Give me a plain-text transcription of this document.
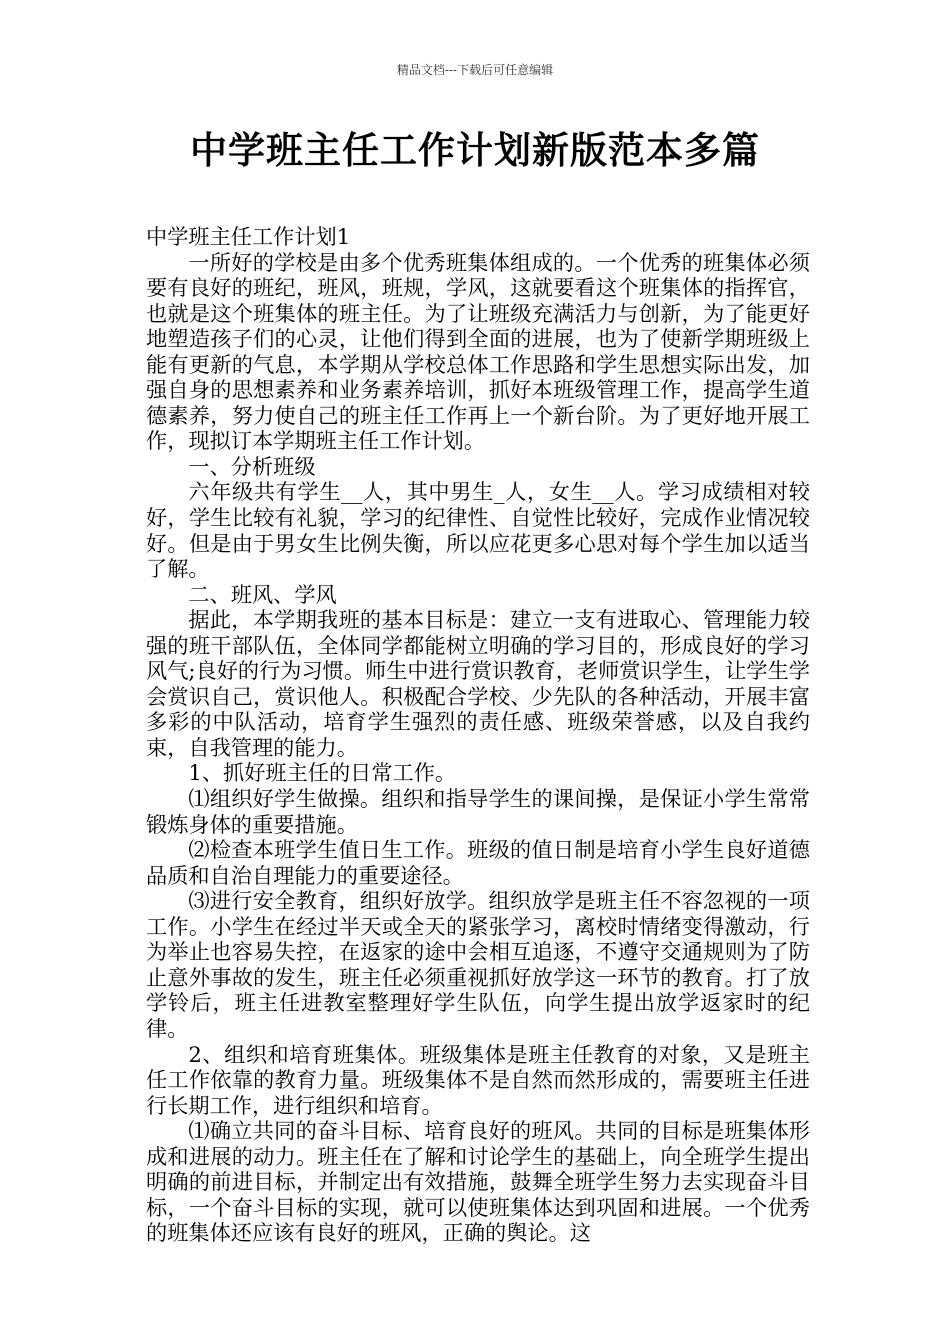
精品文档---下载后可任意编辑
中学班主任工作计划新版范本多篇

中学班主任工作计划1

一所好的学校是由多个优秀班集体组成的。一个优秀的班集体必须要有良好的班纪，班风，班规，学风，这就要看这个班集体的指挥官，也就是这个班集体的班主任。为了让班级充满活力与创新，为了能更好地塑造孩子们的心灵，让他们得到全面的进展，也为了使新学期班级上能有更新的气息，本学期从学校总体工作思路和学生思想实际出发，加强自身的思想素养和业务素养培训，抓好本班级管理工作，提高学生道德素养，努力使自己的班主任工作再上一个新台阶。为了更好地开展工作，现拟订本学期班主任工作计划。

一、分析班级

六年级共有学生__人，其中男生_人，女生__人。学习成绩相对较好，学生比较有礼貌，学习的纪律性、自觉性比较好，完成作业情况较好。但是由于男女生比例失衡，所以应花更多心思对每个学生加以适当了解。

二、班风、学风

据此，本学期我班的基本目标是：建立一支有进取心、管理能力较强的班干部队伍，全体同学都能树立明确的学习目的，形成良好的学习风气;良好的行为习惯。师生中进行赏识教育，老师赏识学生，让学生学会赏识自己，赏识他人。积极配合学校、少先队的各种活动，开展丰富多彩的中队活动，培育学生强烈的责任感、班级荣誉感，以及自我约束，自我管理的能力。

1、抓好班主任的日常工作。

⑴组织好学生做操。组织和指导学生的课间操，是保证小学生常常锻炼身体的重要措施。

⑵检查本班学生值日生工作。班级的值日制是培育小学生良好道德品质和自治自理能力的重要途径。

⑶进行安全教育，组织好放学。组织放学是班主任不容忽视的一项工作。小学生在经过半天或全天的紧张学习，离校时情绪变得激动，行为举止也容易失控，在返家的途中会相互追逐，不遵守交通规则为了防止意外事故的发生，班主任必须重视抓好放学这一环节的教育。打了放学铃后，班主任进教室整理好学生队伍，向学生提出放学返家时的纪律。

2、组织和培育班集体。班级集体是班主任教育的对象，又是班主任工作依靠的教育力量。班级集体不是自然而然形成的，需要班主任进行长期工作，进行组织和培育。

⑴确立共同的奋斗目标、培育良好的班风。共同的目标是班集体形成和进展的动力。班主任在了解和讨论学生的基础上，向全班学生提出明确的前进目标，并制定出有效措施，鼓舞全班学生努力去实现奋斗目标，一个奋斗目标的实现，就可以使班集体达到巩固和进展。一个优秀的班集体还应该有良好的班风，正确的舆论。这
